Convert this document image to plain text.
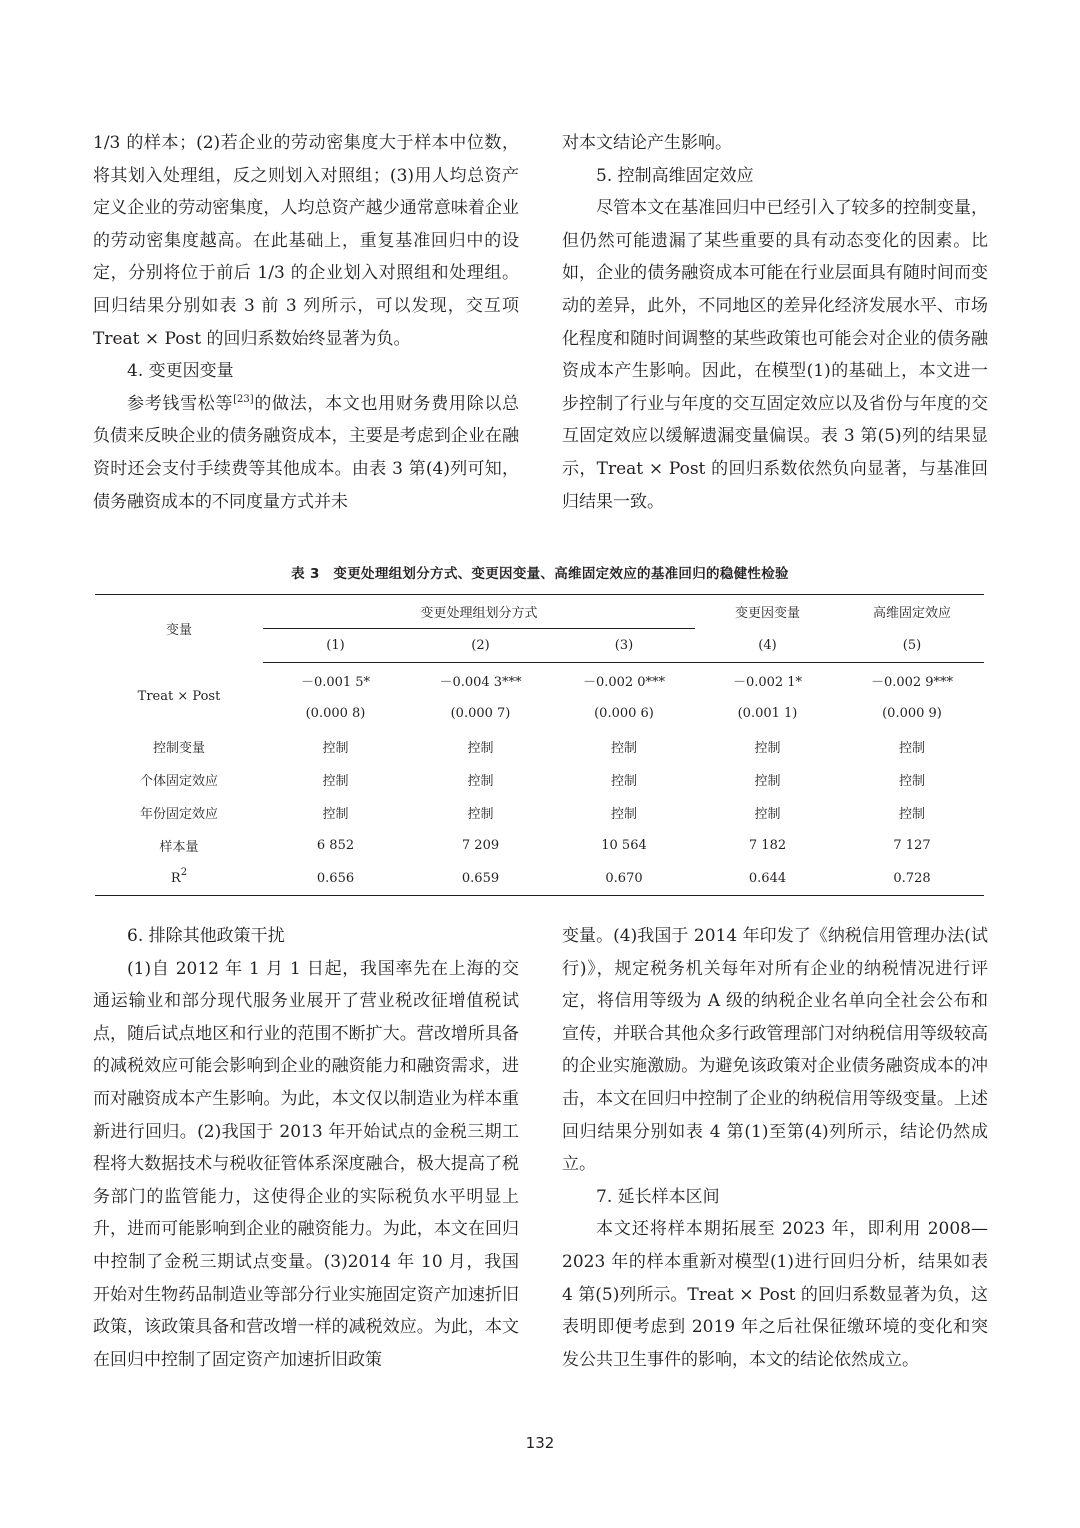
1/3 的样本；(2)若企业的劳动密集度大于样本中位数，将其划入处理组，反之则划入对照组；(3)用人均总资产定义企业的劳动密集度，人均总资产越少通常意味着企业的劳动密集度越高。在此基础上，重复基准回归中的设定，分别将位于前后 1/3 的企业划入对照组和处理组。回归结果分别如表 3 前 3 列所示，可以发现，交互项 Treat × Post 的回归系数始终显著为负。

4. 变更因变量

参考钱雪松等[23]的做法，本文也用财务费用除以总负债来反映企业的债务融资成本，主要是考虑到企业在融资时还会支付手续费等其他成本。由表 3 第(4)列可知，债务融资成本的不同度量方式并未

对本文结论产生影响。

5. 控制高维固定效应

尽管本文在基准回归中已经引入了较多的控制变量，但仍然可能遗漏了某些重要的具有动态变化的因素。比如，企业的债务融资成本可能在行业层面具有随时间而变动的差异，此外，不同地区的差异化经济发展水平、市场化程度和随时间调整的某些政策也可能会对企业的债务融资成本产生影响。因此，在模型(1)的基础上，本文进一步控制了行业与年度的交互固定效应以及省份与年度的交互固定效应以缓解遗漏变量偏误。表 3 第(5)列的结果显示，Treat × Post 的回归系数依然负向显著，与基准回归结果一致。

表 3　变更处理组划分方式、变更因变量、高维固定效应的基准回归的稳健性检验
变量	变更处理组划分方式			变更因变量	高维固定效应
	(1)	(2)	(3)	(4)	(5)
Treat × Post	－0.001 5*	－0.004 3***	－0.002 0***	－0.002 1*	－0.002 9***
	(0.000 8)	(0.000 7)	(0.000 6)	(0.001 1)	(0.000 9)
控制变量	控制	控制	控制	控制	控制
个体固定效应	控制	控制	控制	控制	控制
年份固定效应	控制	控制	控制	控制	控制
样本量	6 852	7 209	10 564	7 182	7 127
$R^2$	0.656	0.659	0.670	0.644	0.728

6. 排除其他政策干扰

(1)自 2012 年 1 月 1 日起，我国率先在上海的交通运输业和部分现代服务业展开了营业税改征增值税试点，随后试点地区和行业的范围不断扩大。营改增所具备的减税效应可能会影响到企业的融资能力和融资需求，进而对融资成本产生影响。为此，本文仅以制造业为样本重新进行回归。(2)我国于 2013 年开始试点的金税三期工程将大数据技术与税收征管体系深度融合，极大提高了税务部门的监管能力，这使得企业的实际税负水平明显上升，进而可能影响到企业的融资能力。为此，本文在回归中控制了金税三期试点变量。(3)2014 年 10 月，我国开始对生物药品制造业等部分行业实施固定资产加速折旧政策，该政策具备和营改增一样的减税效应。为此，本文在回归中控制了固定资产加速折旧政策

变量。(4)我国于 2014 年印发了《纳税信用管理办法(试行)》，规定税务机关每年对所有企业的纳税情况进行评定，将信用等级为 A 级的纳税企业名单向全社会公布和宣传，并联合其他众多行政管理部门对纳税信用等级较高的企业实施激励。为避免该政策对企业债务融资成本的冲击，本文在回归中控制了企业的纳税信用等级变量。上述回归结果分别如表 4 第(1)至第(4)列所示，结论仍然成立。

7. 延长样本区间

本文还将样本期拓展至 2023 年，即利用 2008—2023 年的样本重新对模型(1)进行回归分析，结果如表 4 第(5)列所示。Treat × Post 的回归系数显著为负，这表明即便考虑到 2019 年之后社保征缴环境的变化和突发公共卫生事件的影响，本文的结论依然成立。

132
